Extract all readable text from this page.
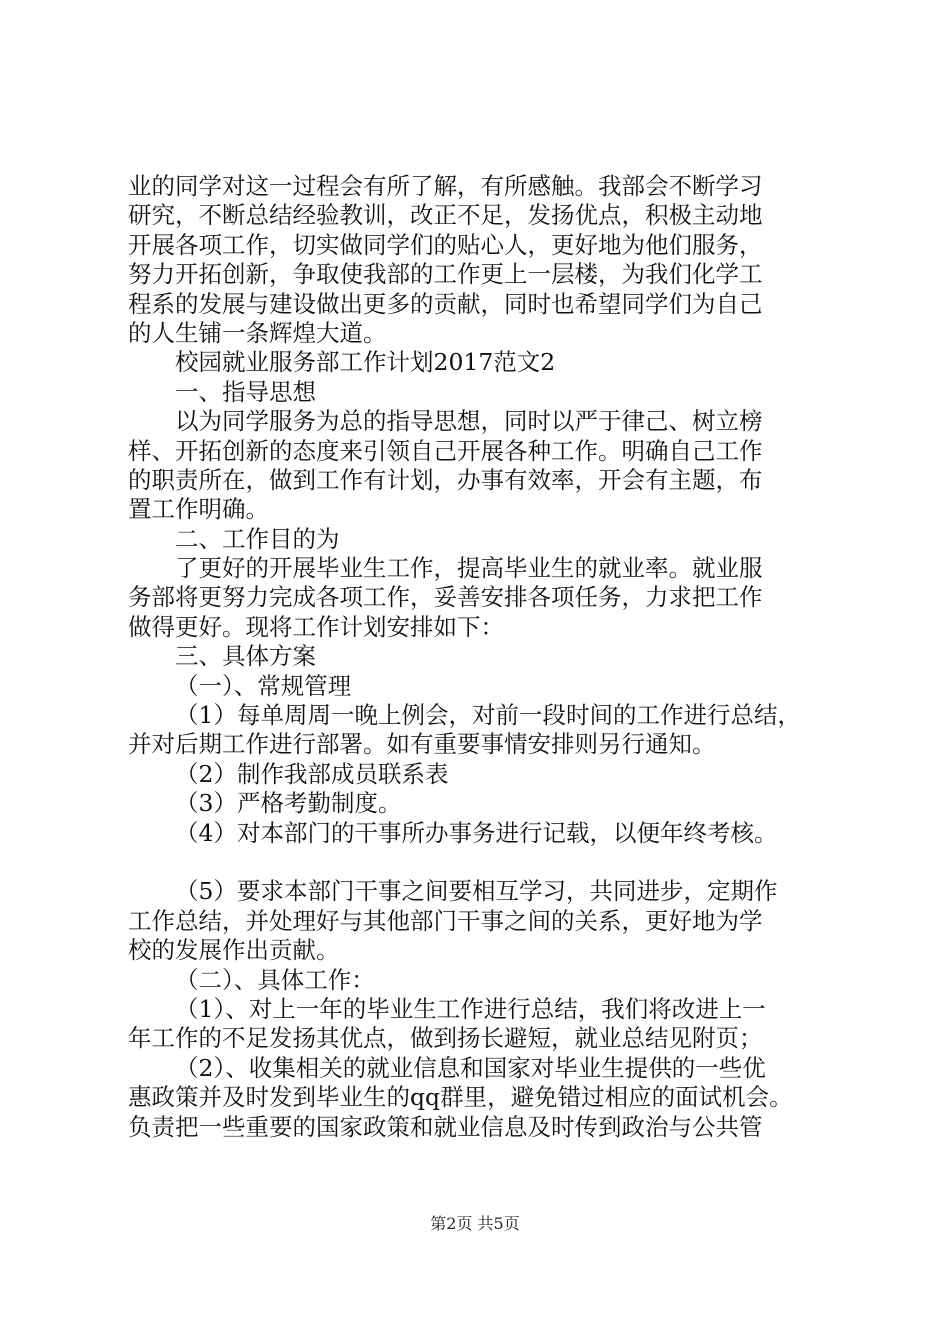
业的同学对这一过程会有所了解，有所感触。我部会不断学习
研究，不断总结经验教训，改正不足，发扬优点，积极主动地
开展各项工作，切实做同学们的贴心人，更好地为他们服务，
努力开拓创新，争取使我部的工作更上一层楼，为我们化学工
程系的发展与建设做出更多的贡献，同时也希望同学们为自己
的人生铺一条辉煌大道。
校园就业服务部工作计划2017范文2
一、指导思想
以为同学服务为总的指导思想，同时以严于律己、树立榜
样、开拓创新的态度来引领自己开展各种工作。明确自己工作
的职责所在，做到工作有计划，办事有效率，开会有主题，布
置工作明确。
二、工作目的为
了更好的开展毕业生工作，提高毕业生的就业率。就业服
务部将更努力完成各项工作，妥善安排各项任务，力求把工作
做得更好。现将工作计划安排如下：
三、具体方案
（一）、常规管理
（1）每单周周一晚上例会，对前一段时间的工作进行总结，
并对后期工作进行部署。如有重要事情安排则另行通知。
（2）制作我部成员联系表
（3）严格考勤制度。
（4）对本部门的干事所办事务进行记载，以便年终考核。
（5）要求本部门干事之间要相互学习，共同进步，定期作
工作总结，并处理好与其他部门干事之间的关系，更好地为学
校的发展作出贡献。
（二）、具体工作：
（1）、对上一年的毕业生工作进行总结，我们将改进上一
年工作的不足发扬其优点，做到扬长避短，就业总结见附页；
（2）、收集相关的就业信息和国家对毕业生提供的一些优
惠政策并及时发到毕业生的qq群里，避免错过相应的面试机会。
负责把一些重要的国家政策和就业信息及时传到政治与公共管
第2页 共5页
